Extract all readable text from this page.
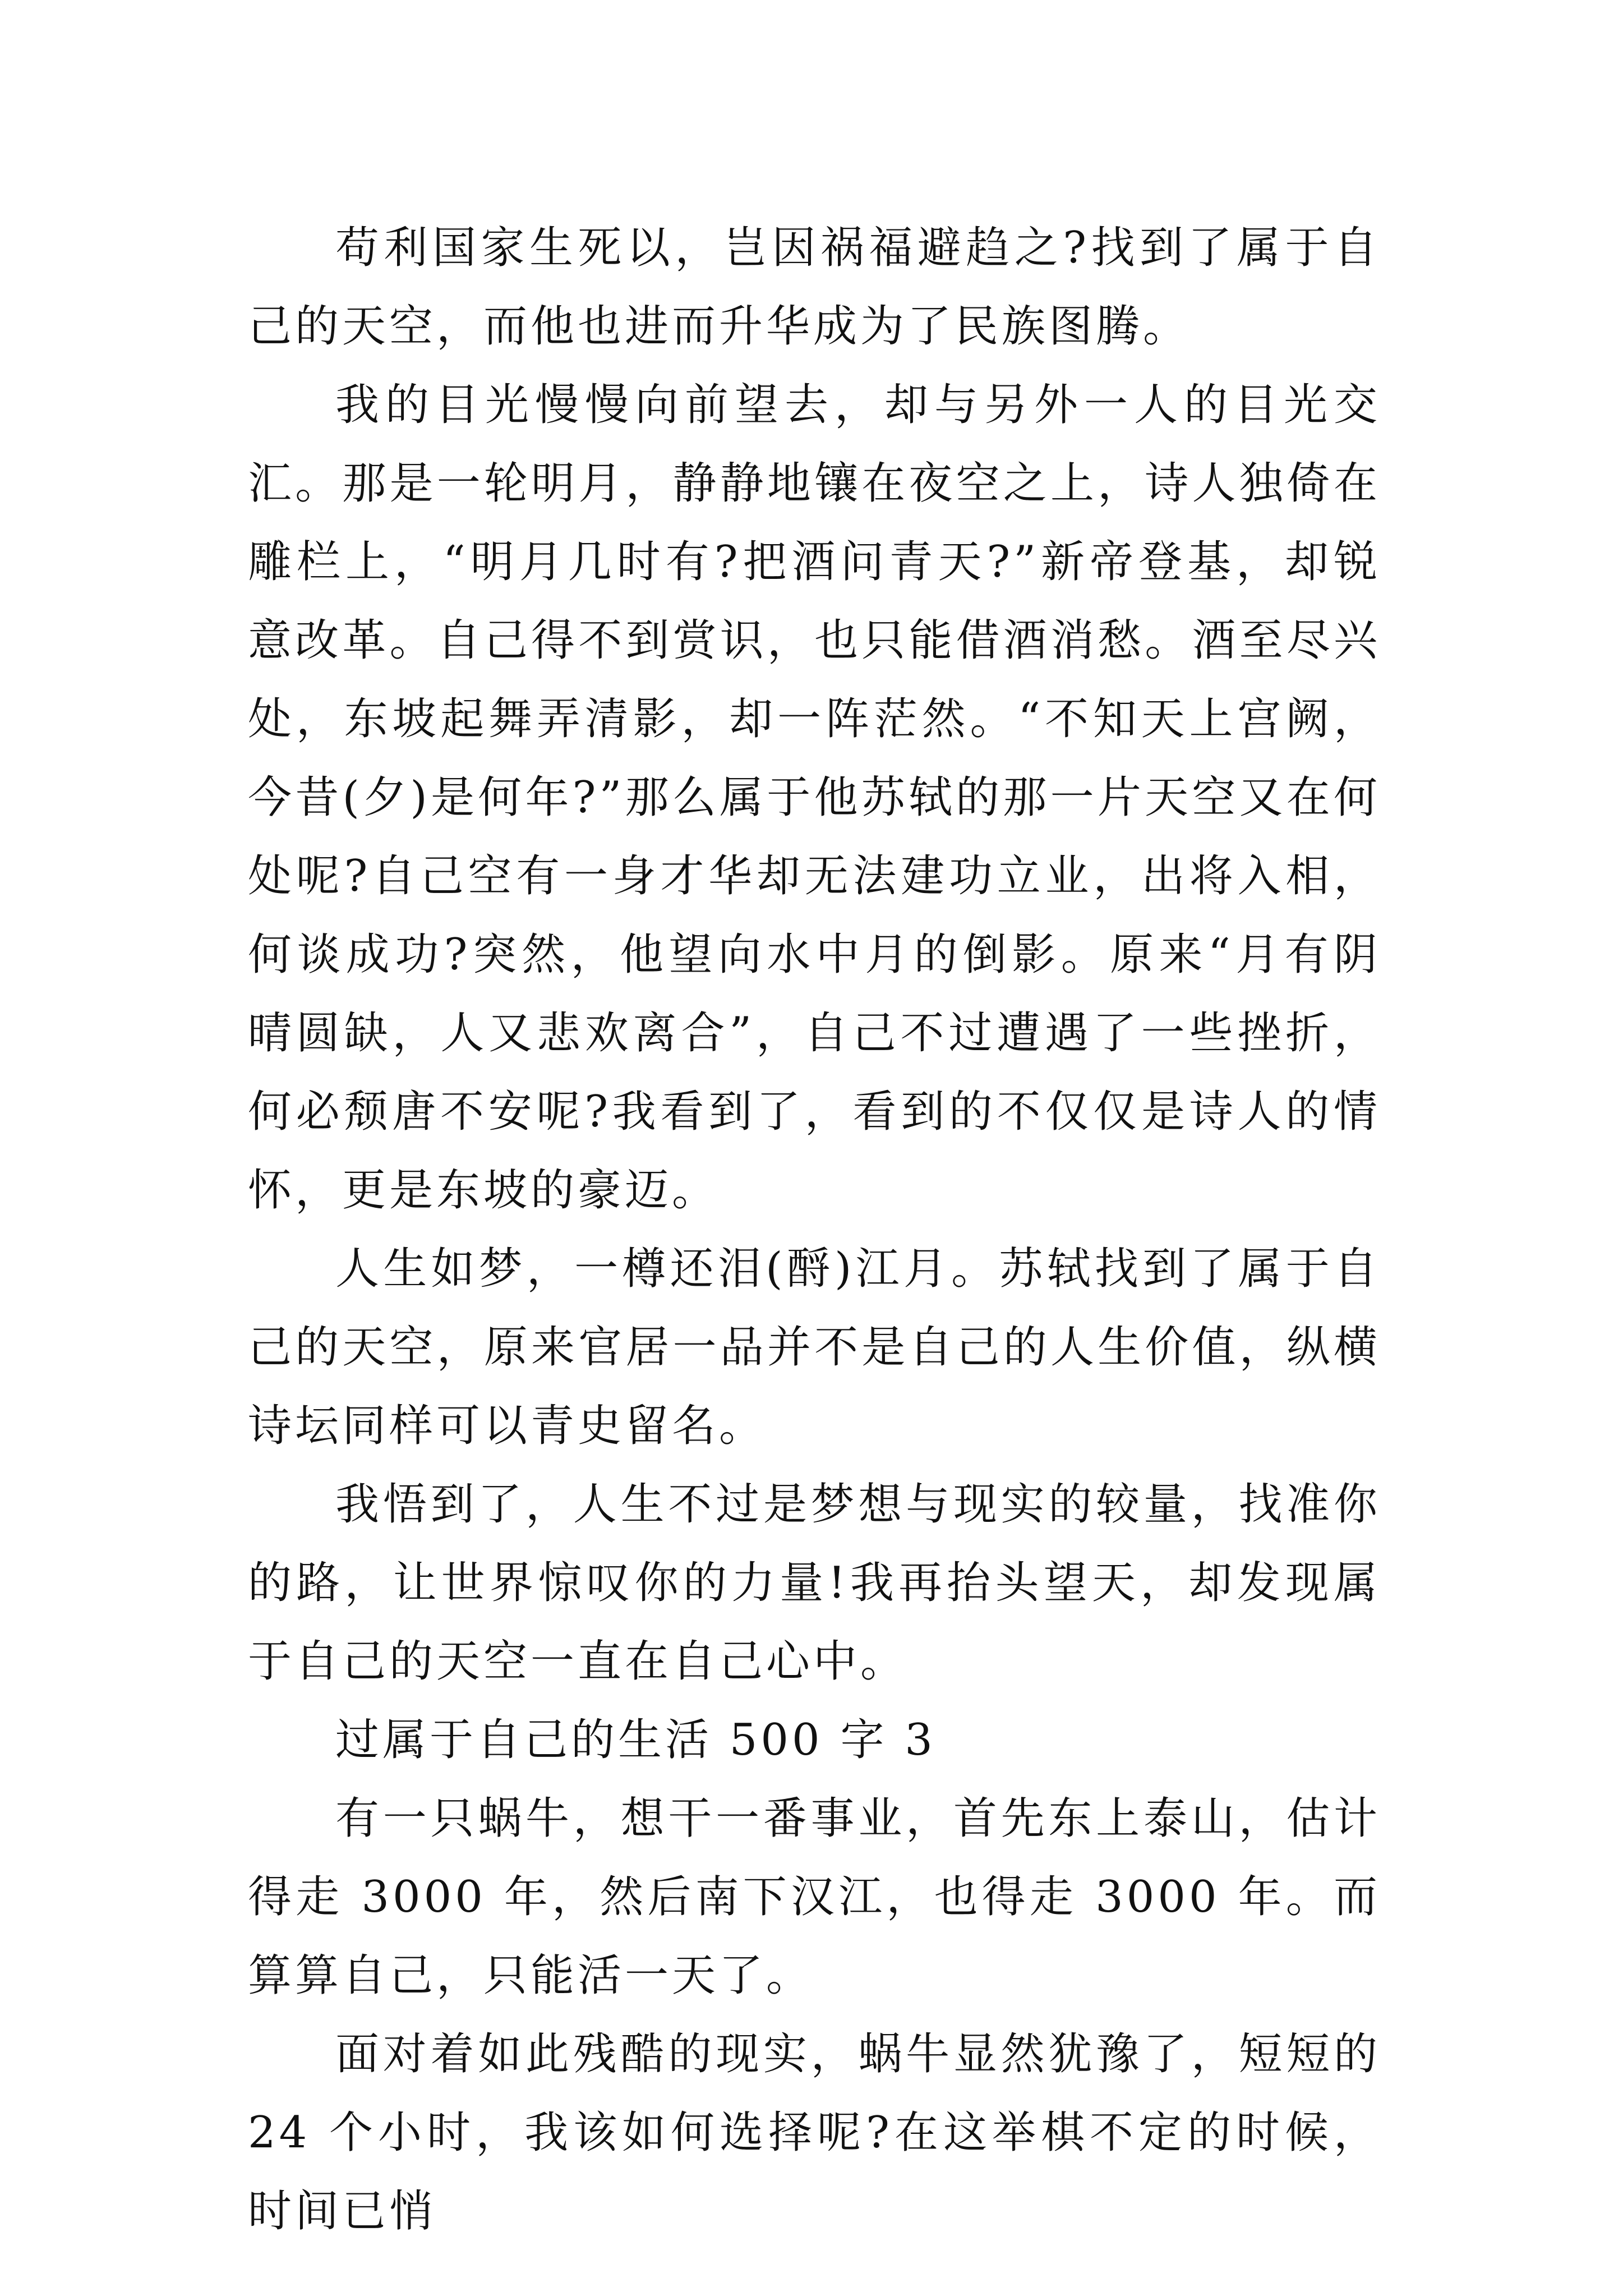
苟利国家生死以，岂因祸福避趋之?找到了属于自己的天空，而他也进而升华成为了民族图腾。

我的目光慢慢向前望去，却与另外一人的目光交汇。那是一轮明月，静静地镶在夜空之上，诗人独倚在雕栏上，“明月几时有?把酒问青天?”新帝登基，却锐意改革。自己得不到赏识，也只能借酒消愁。酒至尽兴处，东坡起舞弄清影，却一阵茫然。“不知天上宫阙，今昔(夕)是何年?”那么属于他苏轼的那一片天空又在何处呢?自己空有一身才华却无法建功立业，出将入相，何谈成功?突然，他望向水中月的倒影。原来“月有阴晴圆缺，人又悲欢离合”，自己不过遭遇了一些挫折，何必颓唐不安呢?我看到了，看到的不仅仅是诗人的情怀，更是东坡的豪迈。

人生如梦，一樽还泪(酹)江月。苏轼找到了属于自己的天空，原来官居一品并不是自己的人生价值，纵横诗坛同样可以青史留名。

我悟到了，人生不过是梦想与现实的较量，找准你的路，让世界惊叹你的力量!我再抬头望天，却发现属于自己的天空一直在自己心中。

过属于自己的生活 500 字 3

有一只蜗牛，想干一番事业，首先东上泰山，估计得走 3000 年，然后南下汉江，也得走 3000 年。而算算自己，只能活一天了。

面对着如此残酷的现实，蜗牛显然犹豫了，短短的 24 个小时，我该如何选择呢?在这举棋不定的时候，时间已悄
